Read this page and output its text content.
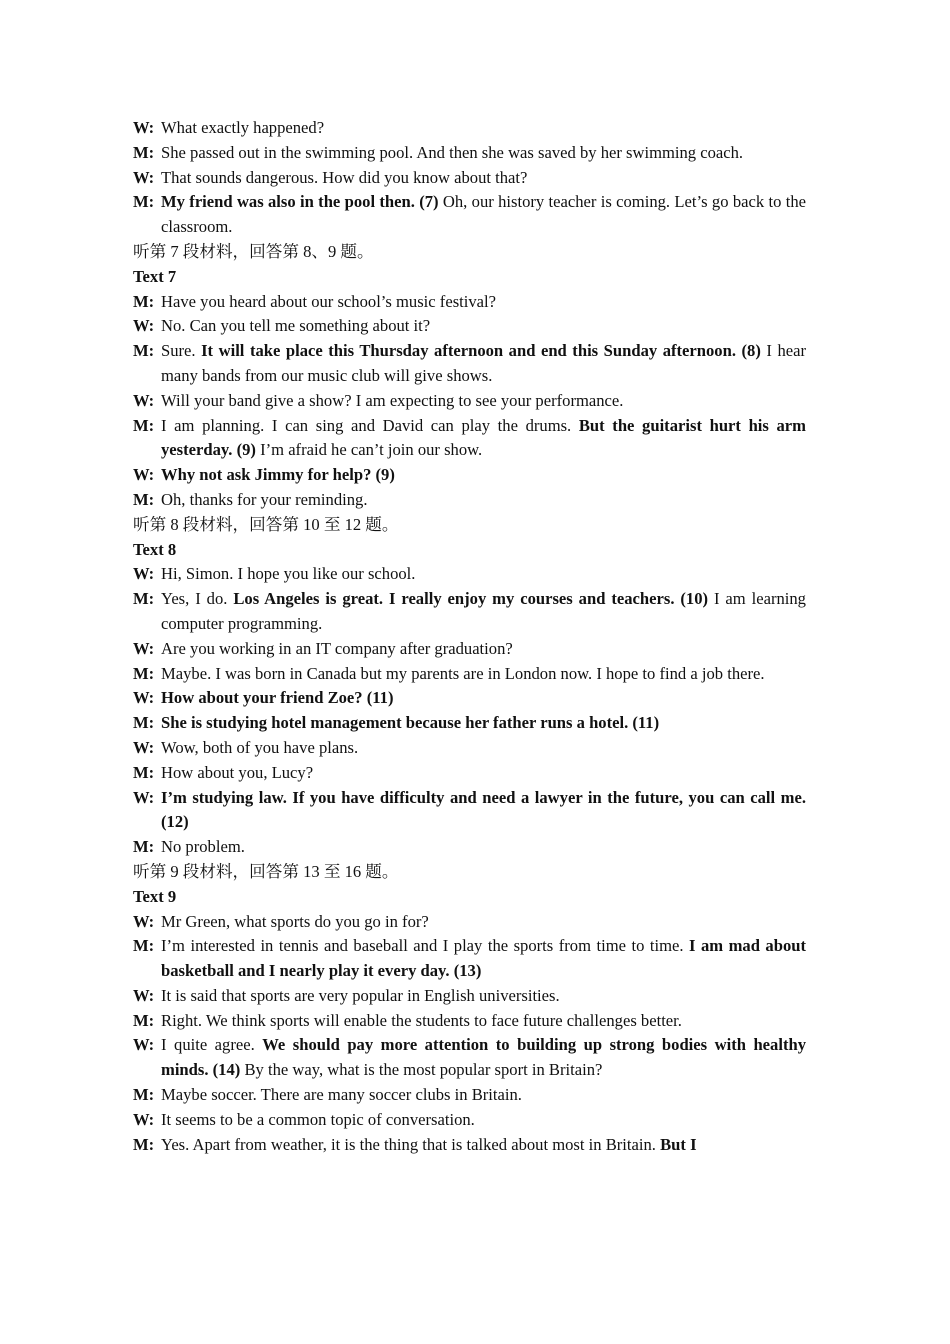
W: What exactly happened?
M: She passed out in the swimming pool. And then she was saved by her swimming coach.
W: That sounds dangerous. How did you know about that?
M: My friend was also in the pool then. (7) Oh, our history teacher is coming. Let’s go back to the classroom.
听第 7 段材料，回答第 8、9 题。
Text 7
M: Have you heard about our school’s music festival?
W: No. Can you tell me something about it?
M: Sure. It will take place this Thursday afternoon and end this Sunday afternoon. (8) I hear many bands from our music club will give shows.
W: Will your band give a show? I am expecting to see your performance.
M: I am planning. I can sing and David can play the drums. But the guitarist hurt his arm yesterday. (9) I’m afraid he can’t join our show.
W: Why not ask Jimmy for help? (9)
M: Oh, thanks for your reminding.
听第 8 段材料，回答第 10 至 12 题。
Text 8
W: Hi, Simon. I hope you like our school.
M: Yes, I do. Los Angeles is great. I really enjoy my courses and teachers. (10) I am learning computer programming.
W: Are you working in an IT company after graduation?
M: Maybe. I was born in Canada but my parents are in London now. I hope to find a job there.
W: How about your friend Zoe? (11)
M: She is studying hotel management because her father runs a hotel. (11)
W: Wow, both of you have plans.
M: How about you, Lucy?
W: I’m studying law. If you have difficulty and need a lawyer in the future, you can call me. (12)
M: No problem.
听第 9 段材料，回答第 13 至 16 题。
Text 9
W: Mr Green, what sports do you go in for?
M: I’m interested in tennis and baseball and I play the sports from time to time. I am mad about basketball and I nearly play it every day. (13)
W: It is said that sports are very popular in English universities.
M: Right. We think sports will enable the students to face future challenges better.
W: I quite agree. We should pay more attention to building up strong bodies with healthy minds. (14) By the way, what is the most popular sport in Britain?
M: Maybe soccer. There are many soccer clubs in Britain.
W: It seems to be a common topic of conversation.
M: Yes. Apart from weather, it is the thing that is talked about most in Britain. But I
